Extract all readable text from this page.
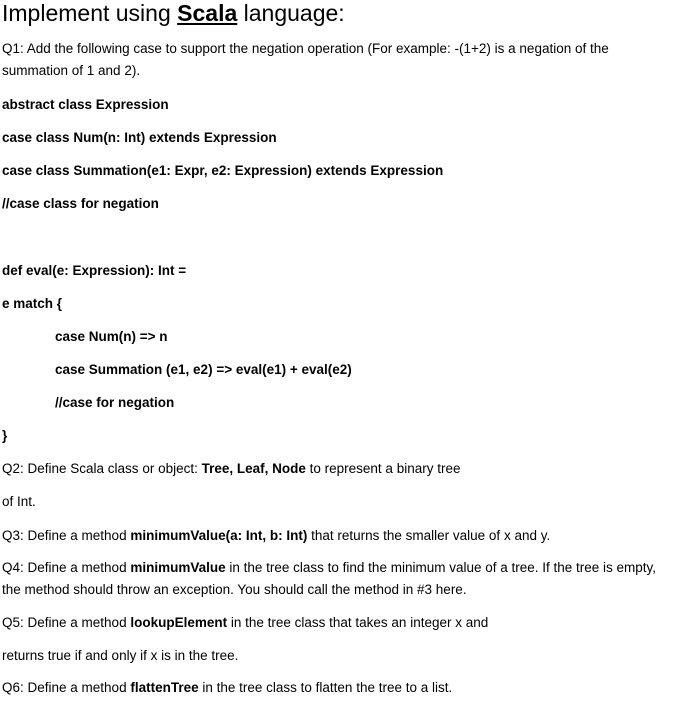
Implement using Scala language:
Q1: Add the following case to support the negation operation (For example: -(1+2) is a negation of the summation of 1 and 2).
abstract class Expression
case class Num(n: Int) extends Expression
case class Summation(e1: Expr, e2: Expression) extends Expression
//case class for negation
def eval(e: Expression): Int =
e match {
case Num(n) => n
case Summation (e1, e2) => eval(e1) + eval(e2)
//case for negation
}
Q2: Define Scala class or object: Tree, Leaf, Node to represent a binary tree
of Int.
Q3: Define a method minimumValue(a: Int, b: Int) that returns the smaller value of x and y.
Q4: Define a method minimumValue in the tree class to find the minimum value of a tree. If the tree is empty, the method should throw an exception. You should call the method in #3 here.
Q5: Define a method lookupElement in the tree class that takes an integer x and
returns true if and only if x is in the tree.
Q6: Define a method flattenTree in the tree class to flatten the tree to a list.
